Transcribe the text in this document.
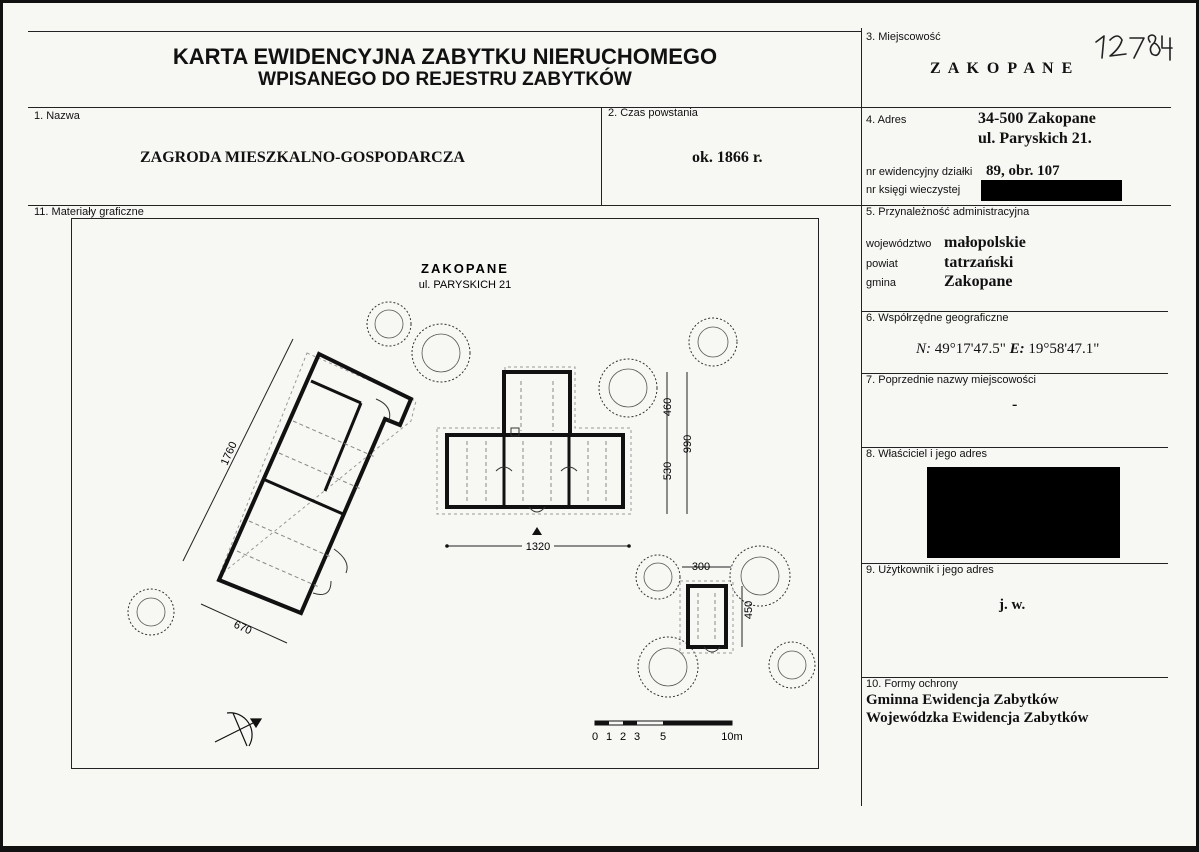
KARTA EWIDENCYJNA ZABYTKU NIERUCHOMEGO
WPISANEGO DO REJESTRU ZABYTKÓW
3. Miejscowość
Z A K O P A N E
1. Nazwa
ZAGRODA MIESZKALNO-GOSPODARCZA
2. Czas powstania
ok. 1866 r.
4. Adres	34-500 Zakopane
ul. Paryskich 21.
nr ewidencyjny działki 89, obr. 107
nr księgi wieczystej
11. Materiały graficzne	5. Przynależność administracyjna
województwo małopolskie
powiat	tatrzański
gmina	Zakopane
6. Współrzędne geograficzne
N: 49°17'47.5" E: 19°58'47.1"
7. Poprzednie nazwy miejscowości
-
8. Właściciel i jego adres
9. Użytkownik i jego adres
j. w.
10. Formy ochrony
Gminna Ewidencja Zabytków
Wojewódzka Ewidencja Zabytków
ZAKOPANE
ul. PARYSKICH 21
1760
670
1320
460
990
530
300
450
0 1 2 3 5	10m
